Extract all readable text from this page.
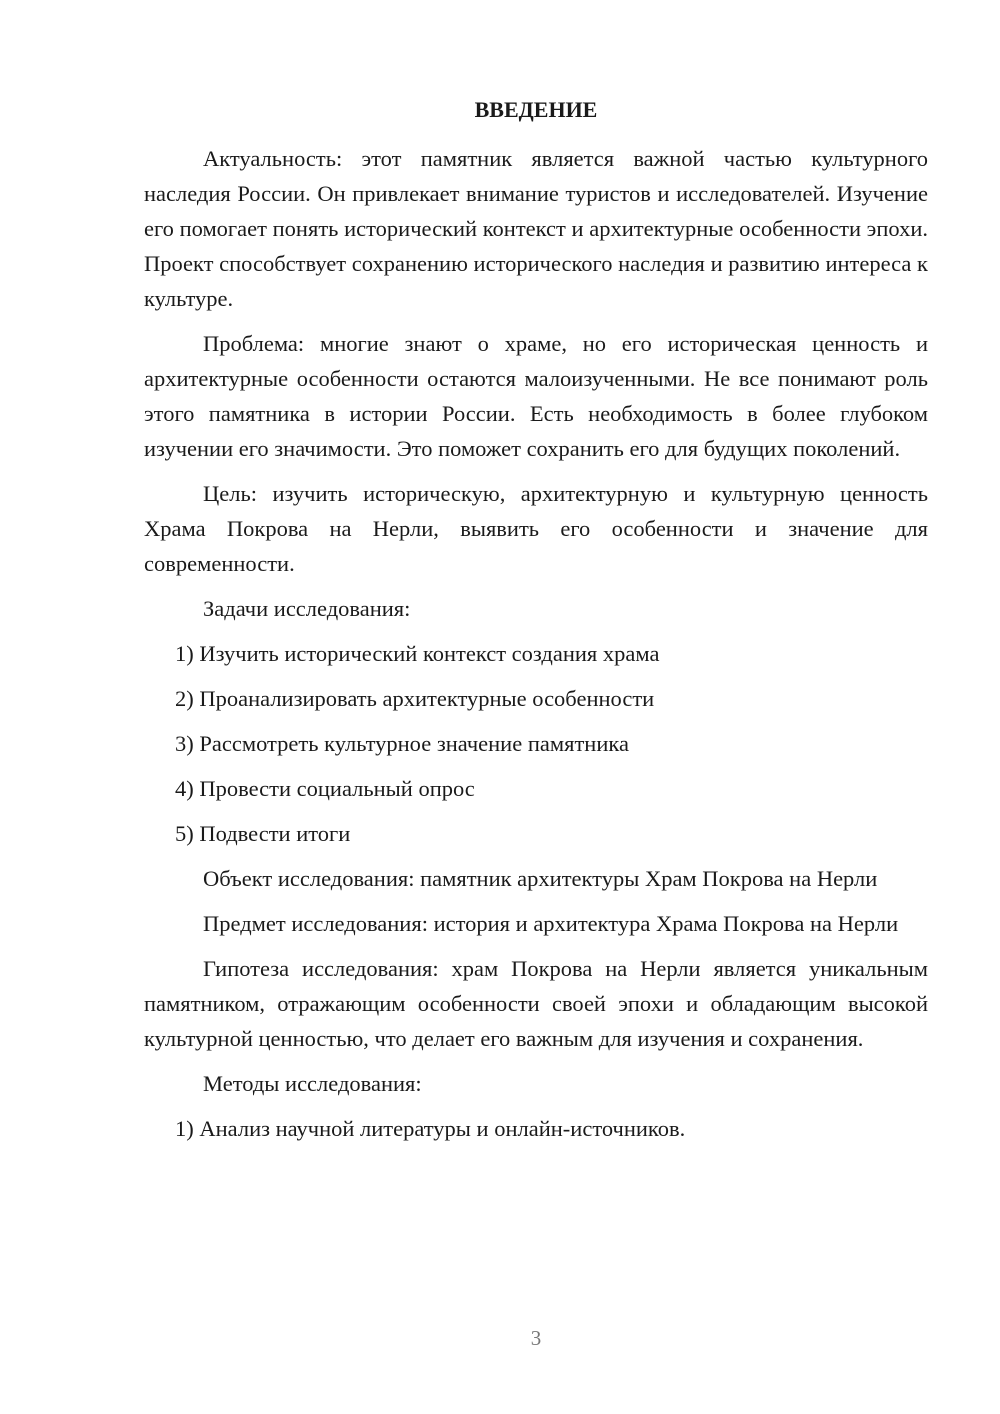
ВВЕДЕНИЕ

Актуальность: этот памятник является важной частью культурного наследия России. Он привлекает внимание туристов и исследователей. Изучение его помогает понять исторический контекст и архитектурные особенности эпохи. Проект способствует сохранению исторического наследия и развитию интереса к культуре.

Проблема: многие знают о храме, но его историческая ценность и архитектурные особенности остаются малоизученными. Не все понимают роль этого памятника в истории России. Есть необходимость в более глубоком изучении его значимости. Это поможет сохранить его для будущих поколений.

Цель: изучить историческую, архитектурную и культурную ценность Храма Покрова на Нерли, выявить его особенности и значение для современности.

Задачи исследования:

1) Изучить исторический контекст создания храма
2) Проанализировать архитектурные особенности
3) Рассмотреть культурное значение памятника
4) Провести социальный опрос
5) Подвести итоги

Объект исследования: памятник архитектуры Храм Покрова на Нерли

Предмет исследования: история и архитектура Храма Покрова на Нерли

Гипотеза исследования: храм Покрова на Нерли является уникальным памятником, отражающим особенности своей эпохи и обладающим высокой культурной ценностью, что делает его важным для изучения и сохранения.

Методы исследования:

1) Анализ научной литературы и онлайн-источников.
3
